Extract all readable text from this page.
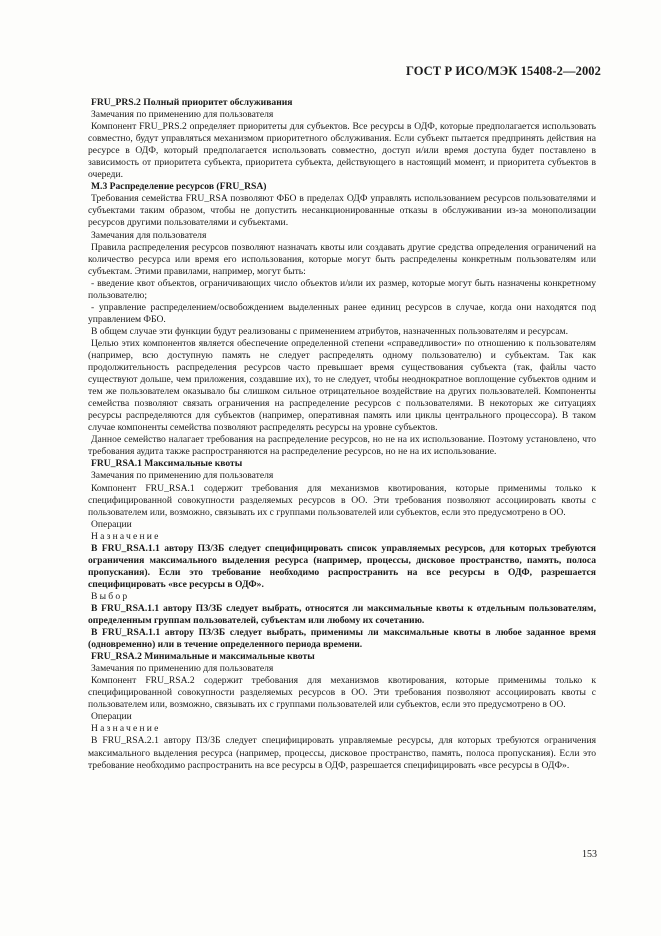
ГОСТ Р ИСО/МЭК 15408-2—2002

FRU_PRS.2 Полный приоритет обслуживания

Замечания по применению для пользователя

Компонент FRU_PRS.2 определяет приоритеты для субъектов. Все ресурсы в ОДФ, которые предполагается использовать совместно, будут управляться механизмом приоритетного обслуживания. Если субъект пытается предпринять действия на ресурсе в ОДФ, который предполагается использовать совместно, доступ и/или время доступа будет поставлено в зависимость от приоритета субъекта, приоритета субъекта, действующего в настоящий момент, и приоритета субъектов в очереди.

M.3 Распределение ресурсов (FRU_RSA)

Требования семейства FRU_RSA позволяют ФБО в пределах ОДФ управлять использованием ресурсов пользователями и субъектами таким образом, чтобы не допустить несанкционированные отказы в обслуживании из-за монополизации ресурсов другими пользователями и субъектами.

Замечания для пользователя

Правила распределения ресурсов позволяют назначать квоты или создавать другие средства определения ограничений на количество ресурса или время его использования, которые могут быть распределены конкретным пользователям или субъектам. Этими правилами, например, могут быть:

- введение квот объектов, ограничивающих число объектов и/или их размер, которые могут быть назначены конкретному пользователю;

- управление распределением/освобождением выделенных ранее единиц ресурсов в случае, когда они находятся под управлением ФБО.

В общем случае эти функции будут реализованы с применением атрибутов, назначенных пользователям и ресурсам.

Целью этих компонентов является обеспечение определенной степени «справедливости» по отношению к пользователям (например, всю доступную память не следует распределять одному пользователю) и субъектам. Так как продолжительность распределения ресурсов часто превышает время существования субъекта (так, файлы часто существуют дольше, чем приложения, создавшие их), то не следует, чтобы неоднократное воплощение субъектов одним и тем же пользователем оказывало бы слишком сильное отрицательное воздействие на других пользователей. Компоненты семейства позволяют связать ограничения на распределение ресурсов с пользователями. В некоторых же ситуациях ресурсы распределяются для субъектов (например, оперативная память или циклы центрального процессора). В таком случае компоненты семейства позволяют распределять ресурсы на уровне субъектов.

Данное семейство налагает требования на распределение ресурсов, но не на их использование. Поэтому установлено, что требования аудита также распространяются на распределение ресурсов, но не на их использование.

FRU_RSA.1 Максимальные квоты

Замечания по применению для пользователя

Компонент FRU_RSA.1 содержит требования для механизмов квотирования, которые применимы только к специфицированной совокупности разделяемых ресурсов в ОО. Эти требования позволяют ассоциировать квоты с пользователем или, возможно, связывать их с группами пользователей или субъектов, если это предусмотрено в ОО.

Операции

Назначение

В FRU_RSA.1.1 автору ПЗ/ЗБ следует специфицировать список управляемых ресурсов, для которых требуются ограничения максимального выделения ресурса (например, процессы, дисковое пространство, память, полоса пропускания). Если это требование необходимо распространить на все ресурсы в ОДФ, разрешается специфицировать «все ресурсы в ОДФ».

Выбор

В FRU_RSA.1.1 автору ПЗ/ЗБ следует выбрать, относятся ли максимальные квоты к отдельным пользователям, определенным группам пользователей, субъектам или любому их сочетанию.

В FRU_RSA.1.1 автору ПЗ/ЗБ следует выбрать, применимы ли максимальные квоты в любое заданное время (одновременно) или в течение определенного периода времени.

FRU_RSA.2 Минимальные и максимальные квоты

Замечания по применению для пользователя

Компонент FRU_RSA.2 содержит требования для механизмов квотирования, которые применимы только к специфицированной совокупности разделяемых ресурсов в ОО. Эти требования позволяют ассоциировать квоты с пользователем или, возможно, связывать их с группами пользователей или субъектов, если это предусмотрено в ОО.

Операции

Назначение

В FRU_RSA.2.1 автору ПЗ/ЗБ следует специфицировать управляемые ресурсы, для которых требуются ограничения максимального выделения ресурса (например, процессы, дисковое пространство, память, полоса пропускания). Если это требование необходимо распространить на все ресурсы в ОДФ, разрешается специфицировать «все ресурсы в ОДФ».

153
